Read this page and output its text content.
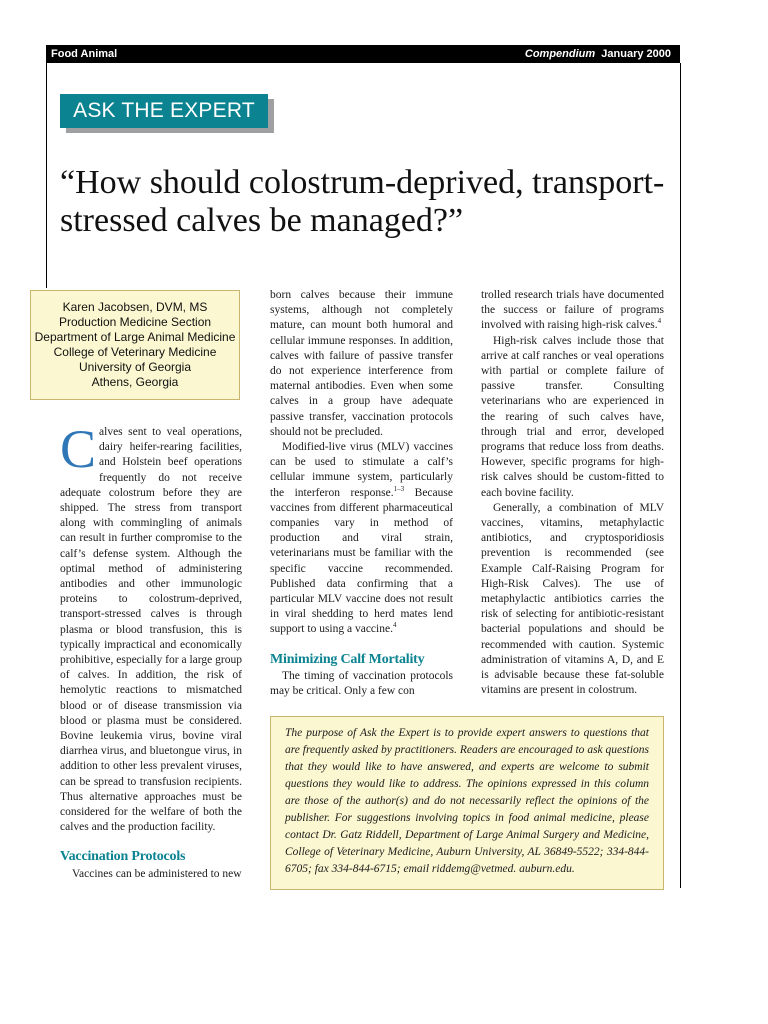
Food Animal	Compendium January 2000
ASK THE EXPERT
“How should colostrum-deprived, transport-stressed calves be managed?”
Karen Jacobsen, DVM, MS
Production Medicine Section
Department of Large Animal Medicine
College of Veterinary Medicine
University of Georgia
Athens, Georgia

Calves sent to veal operations, dairy heifer-rearing facilities, and Holstein beef operations frequently do not receive adequate colostrum before they are shipped. The stress from transport along with commingling of animals can result in further compromise to the calf’s defense system. Although the optimal method of administering antibodies and other immunologic proteins to colostrum-deprived, transport-stressed calves is through plasma or blood transfusion, this is typically impractical and economically prohibitive, especially for a large group of calves. In addition, the risk of hemolytic reactions to mismatched blood or of disease transmission via blood or plasma must be considered. Bovine leukemia virus, bovine viral diarrhea virus, and bluetongue virus, in addition to other less prevalent viruses, can be spread to transfusion recipients. Thus alternative approaches must be considered for the welfare of both the calves and the production facility.

Vaccination Protocols

Vaccines can be administered to new

born calves because their immune systems, although not completely mature, can mount both humoral and cellular immune responses. In addition, calves with failure of passive transfer do not experience interference from maternal antibodies. Even when some calves in a group have adequate passive transfer, vaccination protocols should not be precluded.

Modified-live virus (MLV) vaccines can be used to stimulate a calf’s cellular immune system, particularly the interferon response.$^{1-3}$ Because vaccines from different pharmaceutical companies vary in method of production and viral strain, veterinarians must be familiar with the specific vaccine recommended. Published data confirming that a particular MLV vaccine does not result in viral shedding to herd mates lend support to using a vaccine.$^4$

Minimizing Calf Mortality

The timing of vaccination protocols may be critical. Only a few con

trolled research trials have documented the success or failure of programs involved with raising high-risk calves.$^4$

High-risk calves include those that arrive at calf ranches or veal operations with partial or complete failure of passive transfer. Consulting veterinarians who are experienced in the rearing of such calves have, through trial and error, developed programs that reduce loss from deaths. However, specific programs for high-risk calves should be custom-fitted to each bovine facility.

Generally, a combination of MLV vaccines, vitamins, metaphylactic antibiotics, and cryptosporidiosis prevention is recommended (see Example Calf-Raising Program for High-Risk Calves). The use of metaphylactic antibiotics carries the risk of selecting for antibiotic-resistant bacterial populations and should be recommended with caution. Systemic administration of vitamins A, D, and E is advisable because these fat-soluble vitamins are present in colostrum.

The purpose of Ask the Expert is to provide expert answers to questions that are frequently asked by practitioners. Readers are encouraged to ask questions that they would like to have answered, and experts are welcome to submit questions they would like to address. The opinions expressed in this column are those of the author(s) and do not necessarily reflect the opinions of the publisher. For suggestions involving topics in food animal medicine, please contact Dr. Gatz Riddell, Department of Large Animal Surgery and Medicine, College of Veterinary Medicine, Auburn University, AL 36849-5522; 334-844-6705; fax 334-844-6715; email riddemg@vetmed. auburn.edu.
